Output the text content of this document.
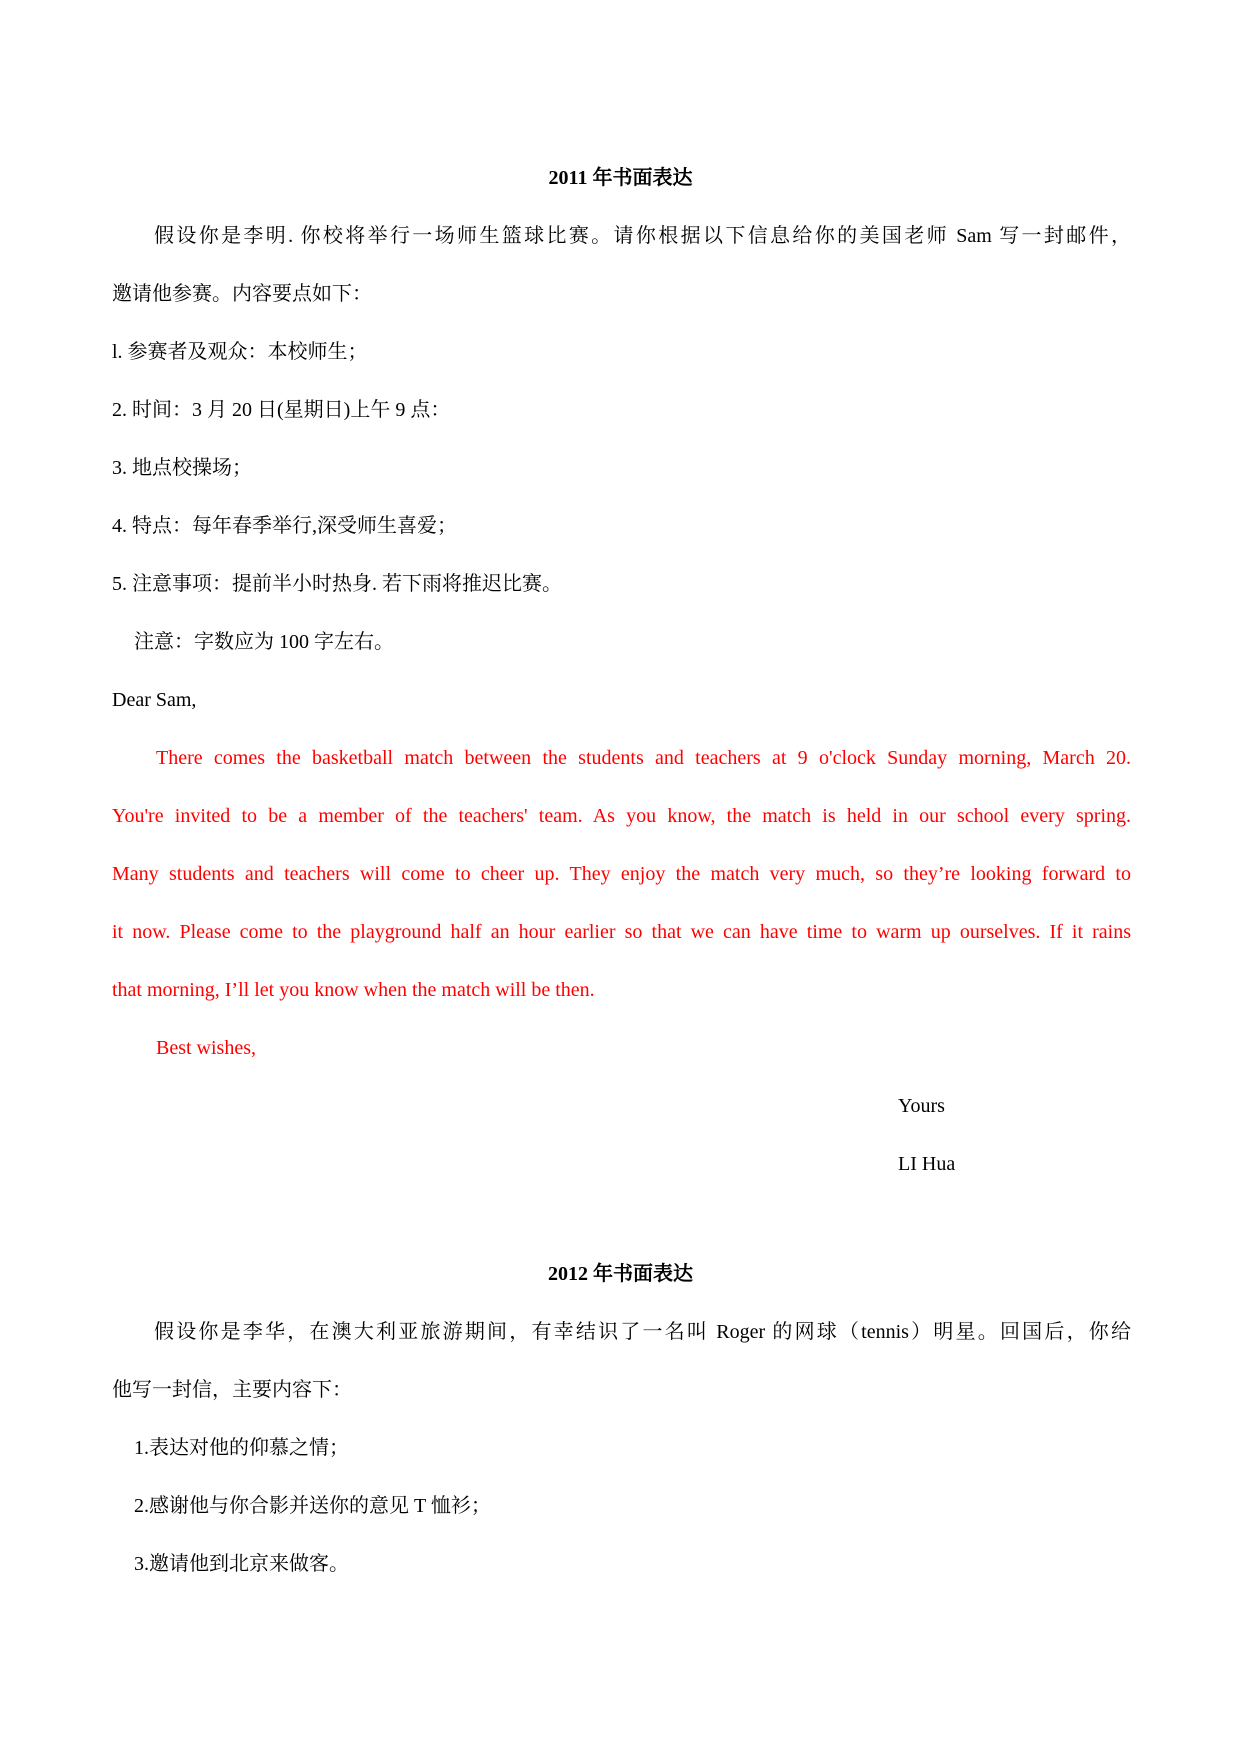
2011 年书面表达
假设你是李明. 你校将举行一场师生篮球比赛。请你根据以下信息给你的美国老师 Sam 写一封邮件，
邀请他参赛。内容要点如下：
l. 参赛者及观众：本校师生；
2. 时间：3 月 20 日(星期日)上午 9 点：
3. 地点校操场；
4. 特点：每年春季举行,深受师生喜爱；
5. 注意事项：提前半小时热身. 若下雨将推迟比赛。
注意：字数应为 100 字左右。
Dear Sam,
There comes the basketball match between the students and teachers at 9 o'clock Sunday morning, March 20.
You're invited to be a member of the teachers' team. As you know, the match is held in our school every spring.
Many students and teachers will come to cheer up. They enjoy the match very much, so they’re looking forward to
it now. Please come to the playground half an hour earlier so that we can have time to warm up ourselves. If it rains
that morning, I’ll let you know when the match will be then.
Best wishes,
Yours
LI Hua
2012 年书面表达
假设你是李华，在澳大利亚旅游期间，有幸结识了一名叫 Roger 的网球（tennis）明星。回国后，你给
他写一封信，主要内容下：
1.表达对他的仰慕之情；
2.感谢他与你合影并送你的意见 T 恤衫；
3.邀请他到北京来做客。
